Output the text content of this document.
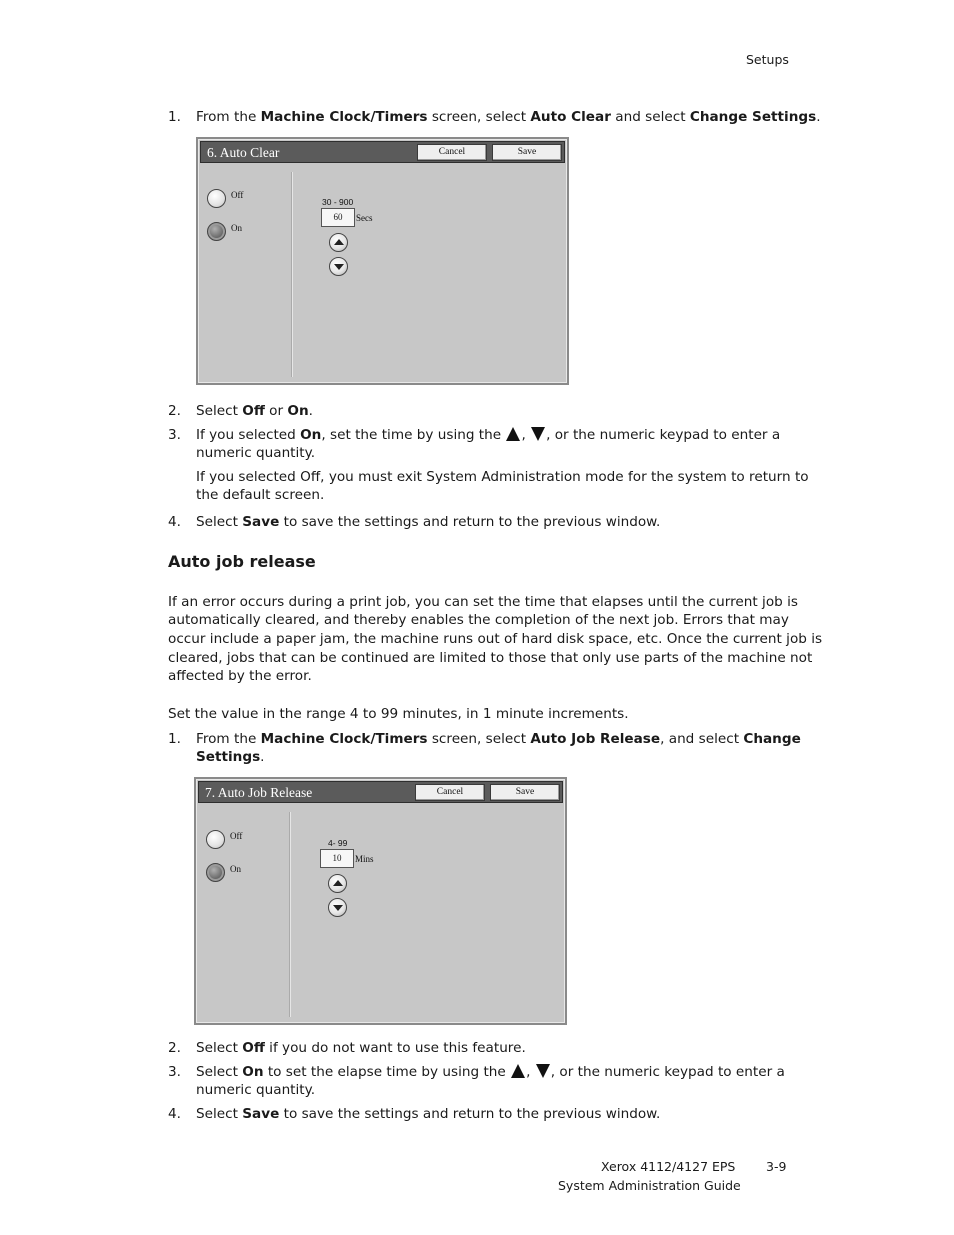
Setups
1. From the Machine Clock/Timers screen, select Auto Clear and select Change Settings.
6. Auto Clear	Cancel	Save
Off
On
30 - 900
60	Secs
2. Select Off or On.
3. If you selected On, set the time by using the , , or the numeric keypad to enter a
numeric quantity.
If you selected Off, you must exit System Administration mode for the system to return to
the default screen.
4. Select Save to save the settings and return to the previous window.
Auto job release
If an error occurs during a print job, you can set the time that elapses until the current job is
automatically cleared, and thereby enables the completion of the next job. Errors that may
occur include a paper jam, the machine runs out of hard disk space, etc. Once the current job is
cleared, jobs that can be continued are limited to those that only use parts of the machine not
affected by the error.
Set the value in the range 4 to 99 minutes, in 1 minute increments.
1. From the Machine Clock/Timers screen, select Auto Job Release, and select Change
Settings.
7. Auto Job Release	Cancel	Save
Off
On
4- 99
10	Mins
2. Select Off if you do not want to use this feature.
3. Select On to set the elapse time by using the , , or the numeric keypad to enter a
numeric quantity.
4. Select Save to save the settings and return to the previous window.
Xerox 4112/4127 EPS 3-9
System Administration Guide
